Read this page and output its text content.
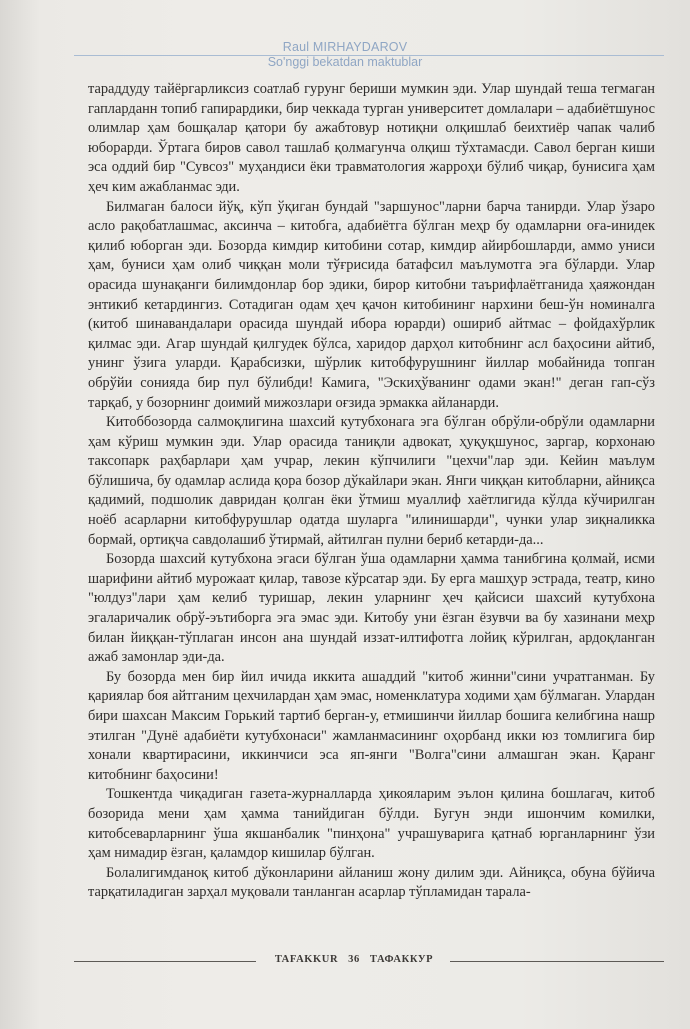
Raul MIRHAYDAROV
So'nggi bekatdan maktublar

тараддуду тайёргарликсиз соатлаб гурунг бериши мумкин эди. Улар шундай теша тегмаган гапларданн топиб гапирардики, бир чеккада турган университет домлалари – адабиётшунос олимлар ҳам бошқалар қатори бу ажабтовур нотиқни олқишлаб беихтиёр чапак чалиб юборарди. Ўртага биров савол ташлаб қолмагунча олқиш тўхтамасди. Савол берган киши эса оддий бир "Сувсоз" муҳандиси ёки травматология жарроҳи бўлиб чиқар, бунисига ҳам ҳеч ким ажабланмас эди.

Билмаган балоси йўқ, кўп ўқиган бундай "заршунос"ларни барча танирди. Улар ўзаро асло рақобатлашмас, аксинча – китобга, адабиётга бўлган меҳр бу одамларни оға-инидек қилиб юборган эди. Бозорда кимдир китобини сотар, кимдир айирбошларди, аммо униси ҳам, буниси ҳам олиб чиққан моли тўғрисида батафсил маълумотга эга бўларди. Улар орасида шунақанги билимдонлар бор эдики, бирор китобни таърифлаётганида ҳаяжондан энтикиб кетардингиз. Сотадиган одам ҳеч қачон китобининг нархини беш-ўн номиналга (китоб шинавандалари орасида шундай ибора юрарди) ошириб айтмас – фойдахўрлик қилмас эди. Агар шундай қилгудек бўлса, харидор дарҳол китобнинг асл баҳосини айтиб, унинг ўзига уларди. Қарабсизки, шўрлик китобфурушнинг йиллар мобайнида топган обрўйи сониядa бир пул бўлибди! Камига, "Эскиҳўванинг одами экан!" деган гап-сўз тарқаб, у бозорнинг доимий мижозлари оғзида эрмакка айланарди.

Китоббозорда салмоқлигина шахсий кутубхонага эга бўлган обрўли-обрўли одамларни ҳам кўриш мумкин эди. Улар орасида таниқли адвокат, ҳуқуқшунос, заргар, корхонаю таксопарк раҳбарлари ҳам учрар, лекин кўпчилиги "цехчи"лар эди. Кейин маълум бўлишича, бу одамлар аслида қора бозор дўкайлари экан. Янги чиққан китобларни, айниқса қадимий, подшолик давридан қолган ёки ўтмиш муаллиф хаётлигида кўлда кўчирилган ноёб асарларни китобфурушлар одатда шуларга "илинишарди", чунки улар зиқналикка бормай, ортиқча савдолашиб ўтирмай, айтилган пулни бериб кетарди-да...

Бозорда шахсий кутубхона эгаси бўлган ўша одамларни ҳамма танибгина қолмай, исми шарифини айтиб мурожаат қилар, тавозе кўрсатар эди. Бу ерга машҳур эстрада, театр, кино "юлдуз"лари ҳам келиб туришар, лекин уларнинг ҳеч қайсиси шахсий кутубхона эгаларичалик обрў-эътиборга эга эмас эди. Китобу уни ёзган ёзувчи ва бу хазинани меҳр билан йиққан-тўплаган инсон ана шундай иззат-илтифотга лойиқ кўрилган, ардоқланган ажаб замонлар эди-да.

Бу бозорда мен бир йил ичида иккита ашаддий "китоб жинни"сини учратганман. Бу қариялар боя айтганим цехчилардан ҳам эмас, номенклатура ходими ҳам бўлмаган. Улардан бири шахсан Максим Горький тартиб берган-у, етмишинчи йиллар бошига келибгина нашр этилган "Дунё адабиёти кутубхонаси" жамланмасининг оҳорбанд икки юз томлигига бир хонали квартирасини, иккинчиси эса яп-янги "Волга"сини алмашган экан. Қаранг китобнинг баҳосини!

Тошкентда чиқадиган газета-журналларда ҳикояларим эълон қилина бошлагач, китоб бозорида мени ҳам ҳамма танийдиган бўлди. Бугун энди ишончим комилки, китобсеварларнинг ўша якшанбалик "пинҳона" учрашуварига қатнаб юрганларнинг ўзи ҳам нимадир ёзган, қаламдор кишилар бўлган.

Болалигимданоқ китоб дўконларини айланиш жону дилим эди. Айниқса, обуна бўйича тарқатиладиган зарҳал муқовали танланган асарлар тўпламидан тарала-

TAFAKKUR 36 ТАФАККУР
